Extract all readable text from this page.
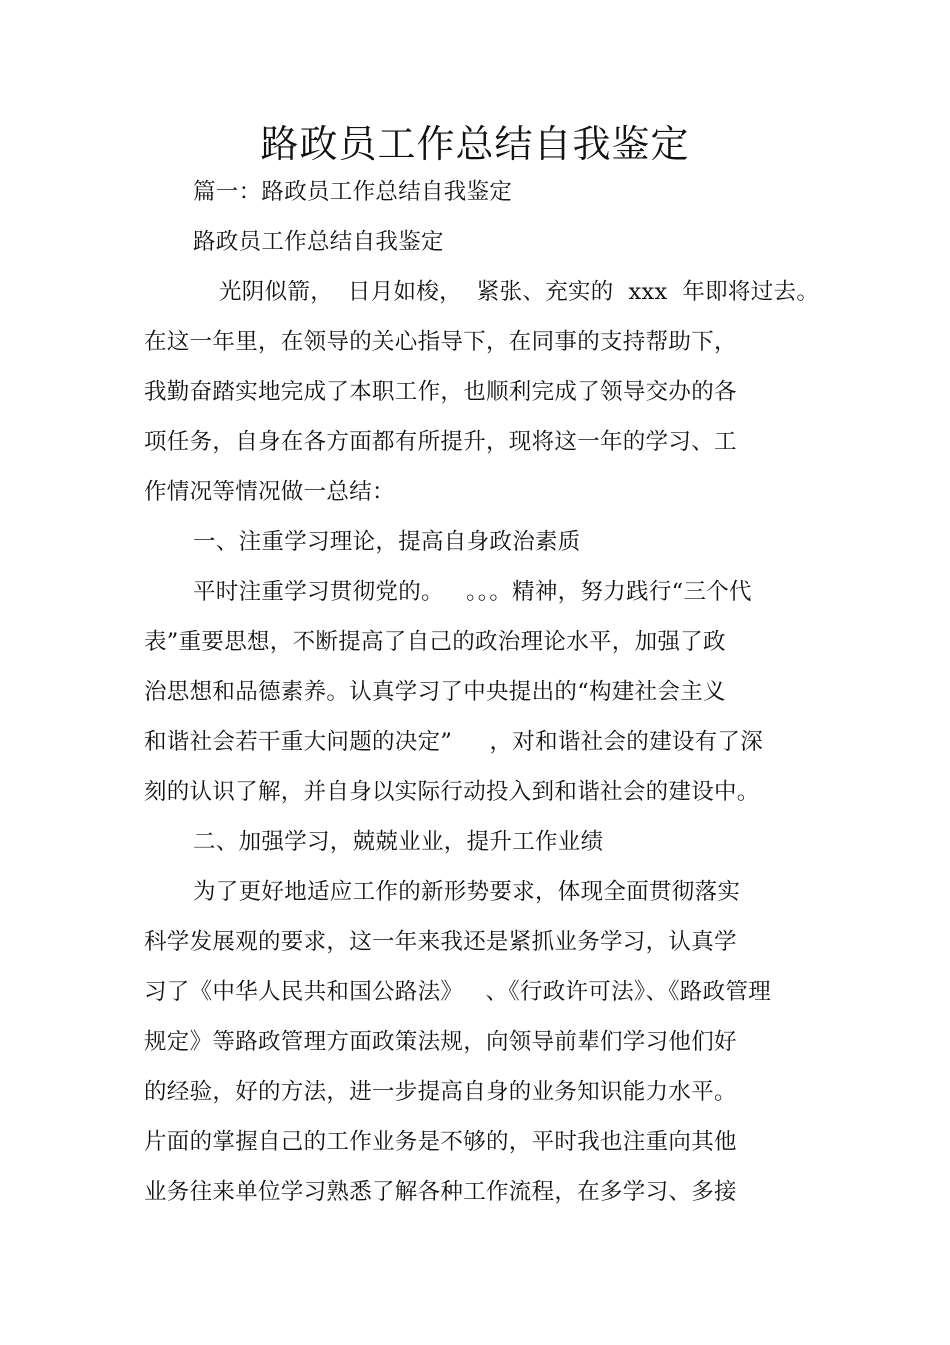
路政员工作总结自我鉴定
篇一：路政员工作总结自我鉴定
路政员工作总结自我鉴定
光阴似箭，  日月如梭，  紧张、充实的  xxx  年即将过去。
在这一年里，在领导的关心指导下，在同事的支持帮助下，
我勤奋踏实地完成了本职工作，也顺利完成了领导交办的各
项任务，自身在各方面都有所提升，现将这一年的学习、工
作情况等情况做一总结：
一、注重学习理论，提高自身政治素质
平时注重学习贯彻党的。   。。。精神，努力践行“三个代
表”重要思想，不断提高了自己的政治理论水平，加强了政
治思想和品德素养。认真学习了中央提出的“构建社会主义
和谐社会若干重大问题的决定”     ，对和谐社会的建设有了深
刻的认识了解，并自身以实际行动投入到和谐社会的建设中。
二、加强学习，兢兢业业，提升工作业绩
为了更好地适应工作的新形势要求，体现全面贯彻落实
科学发展观的要求，这一年来我还是紧抓业务学习，认真学
习了《中华人民共和国公路法》   、《行政许可法》、《路政管理
规定》等路政管理方面政策法规，向领导前辈们学习他们好
的经验，好的方法，进一步提高自身的业务知识能力水平。
片面的掌握自己的工作业务是不够的，平时我也注重向其他
业务往来单位学习熟悉了解各种工作流程，在多学习、多接
